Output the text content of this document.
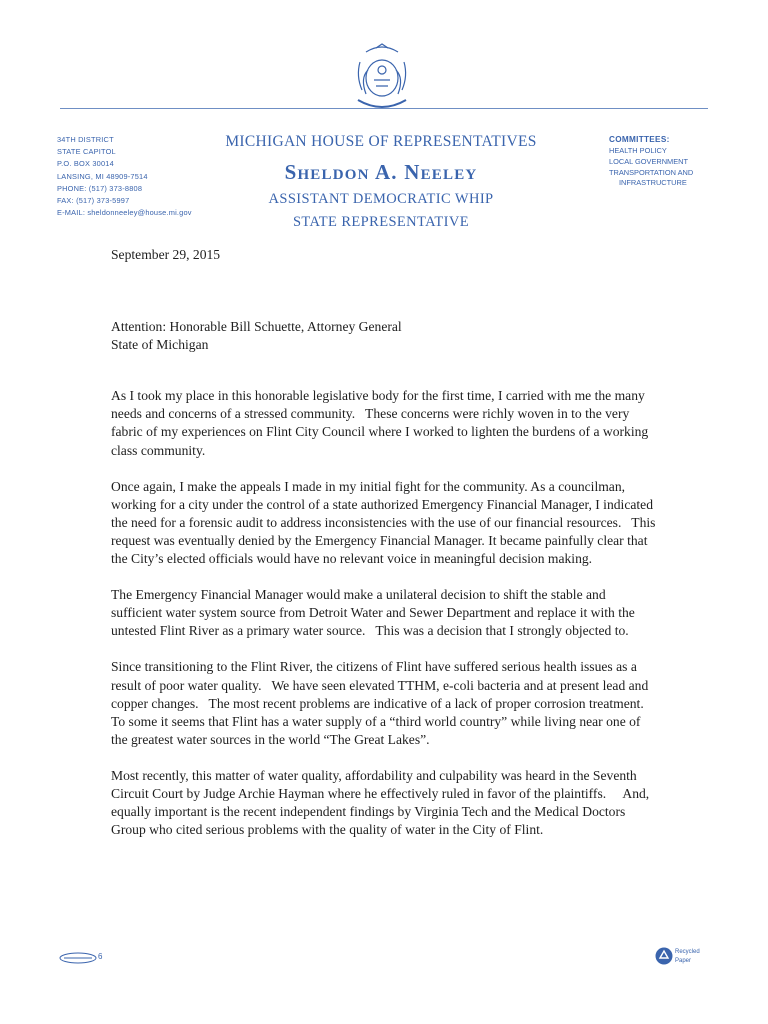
34TH DISTRICT
STATE CAPITOL
P.O. BOX 30014
LANSING, MI 48909-7514
PHONE: (517) 373-8808
FAX: (517) 373-5997
E-MAIL: sheldonneeley@house.mi.gov
MICHIGAN HOUSE OF REPRESENTATIVES
Sheldon A. Neeley
ASSISTANT DEMOCRATIC WHIP
STATE REPRESENTATIVE
COMMITTEES:
HEALTH POLICY
LOCAL GOVERNMENT
TRANSPORTATION AND
INFRASTRUCTURE

September 29, 2015

Attention: Honorable Bill Schuette, Attorney General

State of Michigan

As I took my place in this honorable legislative body for the first time, I carried with me the many needs and concerns of a stressed community.   These concerns were richly woven in to the very fabric of my experiences on Flint City Council where I worked to lighten the burdens of a working class community.

Once again, I make the appeals I made in my initial fight for the community. As a councilman, working for a city under the control of a state authorized Emergency Financial Manager, I indicated the need for a forensic audit to address inconsistencies with the use of our financial resources.   This request was eventually denied by the Emergency Financial Manager. It became painfully clear that the City’s elected officials would have no relevant voice in meaningful decision making.

The Emergency Financial Manager would make a unilateral decision to shift the stable and sufficient water system source from Detroit Water and Sewer Department and replace it with the untested Flint River as a primary water source.   This was a decision that I strongly objected to.

Since transitioning to the Flint River, the citizens of Flint have suffered serious health issues as a result of poor water quality.   We have seen elevated TTHM, e-coli bacteria and at present lead and copper changes.   The most recent problems are indicative of a lack of proper corrosion treatment.   To some it seems that Flint has a water supply of a “third world country” while living near one of the greatest water sources in the world “The Great Lakes”.

Most recently, this matter of water quality, affordability and culpability was heard in the Seventh Circuit Court by Judge Archie Hayman where he effectively ruled in favor of the plaintiffs.     And, equally important is the recent independent findings by Virginia Tech and the Medical Doctors Group who cited serious problems with the quality of water in the City of Flint.

6	Recycled
Paper
